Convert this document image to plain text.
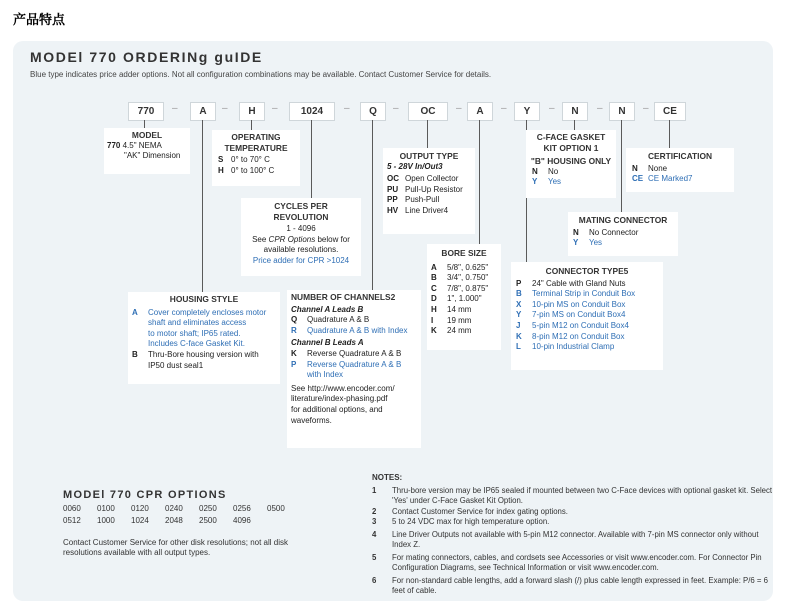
产品特点
MODEl 770 ORDERINg guIDE
Blue type indicates price adder options. Not all configuration combinations may be available. Contact Customer Service for details.
770	–	A	–	H	–	1024	–	Q	–	OC	–	A	–	Y	–	N	–	N	–	CE
MODEL
770 4.5" NEMA
"AK" Dimension
OPERATING
TEMPERATURE
S 0° to 70° C
H 0° to 100° C
CYCLES PER
REVOLUTION
1 - 4096
See CPR Options below for
available resolutions.
Price adder for CPR >1024
HOUSING STYLE
A Cover completely encloses motor
shaft and eliminates access
to motor shaft; IP65 rated.
Includes C-face Gasket Kit.
B Thru-Bore housing version with
IP50 dust seal1
NUMBER OF CHANNELS2
Channel A Leads B
Q Quadrature A & B
R Quadrature A & B with Index
Channel B Leads A
K Reverse Quadrature A & B
P Reverse Quadrature A & B
with Index
See http://www.encoder.com/
literature/index-phasing.pdf
for additional options, and
waveforms.
OUTPUT TYPE
5 - 28V In/Out3
OC Open Collector
PU Pull-Up Resistor
PP Push-Pull
HV Line Driver4
BORE SIZE
A 5/8", 0.625"
B 3/4", 0.750"
C 7/8", 0.875"
D 1", 1.000"
H 14 mm
I 19 mm
K 24 mm
CONNECTOR TYPE5
P 24" Cable with Gland Nuts
B Terminal Strip in Conduit Box
X 10-pin MS on Conduit Box
Y 7-pin MS on Conduit Box4
J 5-pin M12 on Conduit Box4
K 8-pin M12 on Conduit Box
L 10-pin Industrial Clamp
C-FACE GASKET
KIT OPTION 1
"B" HOUSING ONLY
N No
Y Yes
CERTIFICATION
N None
CE CE Marked7
MATING CONNECTOR
N No Connector
Y Yes
MODEl 770 CPR OPTIONS
0060 0100 0120 0240 0250 0256 0500
0512 1000 1024 2048 2500 4096
Contact Customer Service for other disk resolutions; not all disk resolutions available with all output types.
NOTES:
1 Thru-bore version may be IP65 sealed if mounted between two C-Face devices with optional gasket kit. Select 'Yes' under C-Face Gasket Kit Option.
2 Contact Customer Service for index gating options.
3 5 to 24 VDC max for high temperature option.
4 Line Driver Outputs not available with 5-pin M12 connector. Available with 7-pin MS connector only without Index Z.
5 For mating connectors, cables, and cordsets see Accessories or visit www.encoder.com. For Connector Pin Configuration Diagrams, see Technical Information or visit www.encoder.com.
6 For non-standard cable lengths, add a forward slash (/) plus cable length expressed in feet. Example: P/6 = 6 feet of cable.
